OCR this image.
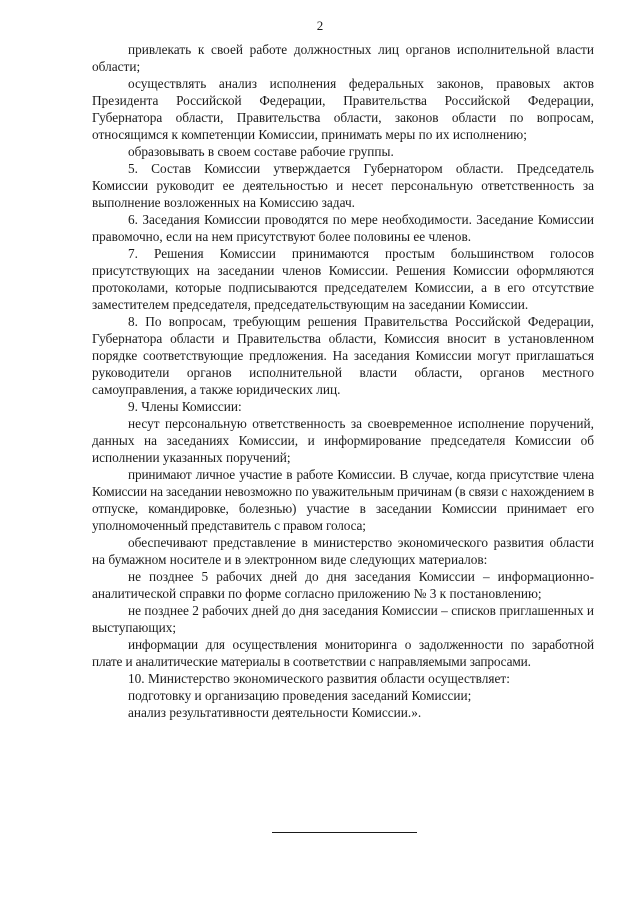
2

привлекать к своей работе должностных лиц органов исполнительной власти области;

осуществлять анализ исполнения федеральных законов, правовых актов Президента Российской Федерации, Правительства Российской Федерации, Губернатора области, Правительства области, законов области по вопросам, относящимся к компетенции Комиссии, принимать меры по их исполнению;

образовывать в своем составе рабочие группы.

5. Состав Комиссии утверждается Губернатором области. Председатель Комиссии руководит ее деятельностью и несет персональную ответственность за выполнение возложенных на Комиссию задач.

6. Заседания Комиссии проводятся по мере необходимости. Заседание Комиссии правомочно, если на нем присутствуют более половины ее членов.

7. Решения Комиссии принимаются простым большинством голосов присутствующих на заседании членов Комиссии. Решения Комиссии оформляются протоколами, которые подписываются председателем Комиссии, а в его отсутствие заместителем председателя, председательствующим на заседании Комиссии.

8. По вопросам, требующим решения Правительства Российской Федерации, Губернатора области и Правительства области, Комиссия вносит в установленном порядке соответствующие предложения. На заседания Комиссии могут приглашаться руководители органов исполнительной власти области, органов местного самоуправления, а также юридических лиц.

9. Члены Комиссии:

несут персональную ответственность за своевременное исполнение поручений, данных на заседаниях Комиссии, и информирование председателя Комиссии об исполнении указанных поручений;

принимают личное участие в работе Комиссии. В случае, когда присутствие члена Комиссии на заседании невозможно по уважительным причинам (в связи с нахождением в отпуске, командировке, болезнью) участие в заседании Комиссии принимает его уполномоченный представитель с правом голоса;

обеспечивают представление в министерство экономического развития области на бумажном носителе и в электронном виде следующих материалов:

не позднее 5 рабочих дней до дня заседания Комиссии – информационно-аналитической справки по форме согласно приложению № 3 к постановлению;

не позднее 2 рабочих дней до дня заседания Комиссии – списков приглашенных и выступающих;

информации для осуществления мониторинга о задолженности по заработной плате и аналитические материалы в соответствии с направляемыми запросами.

10. Министерство экономического развития области осуществляет:

подготовку и организацию проведения заседаний Комиссии;

анализ результативности деятельности Комиссии.».
